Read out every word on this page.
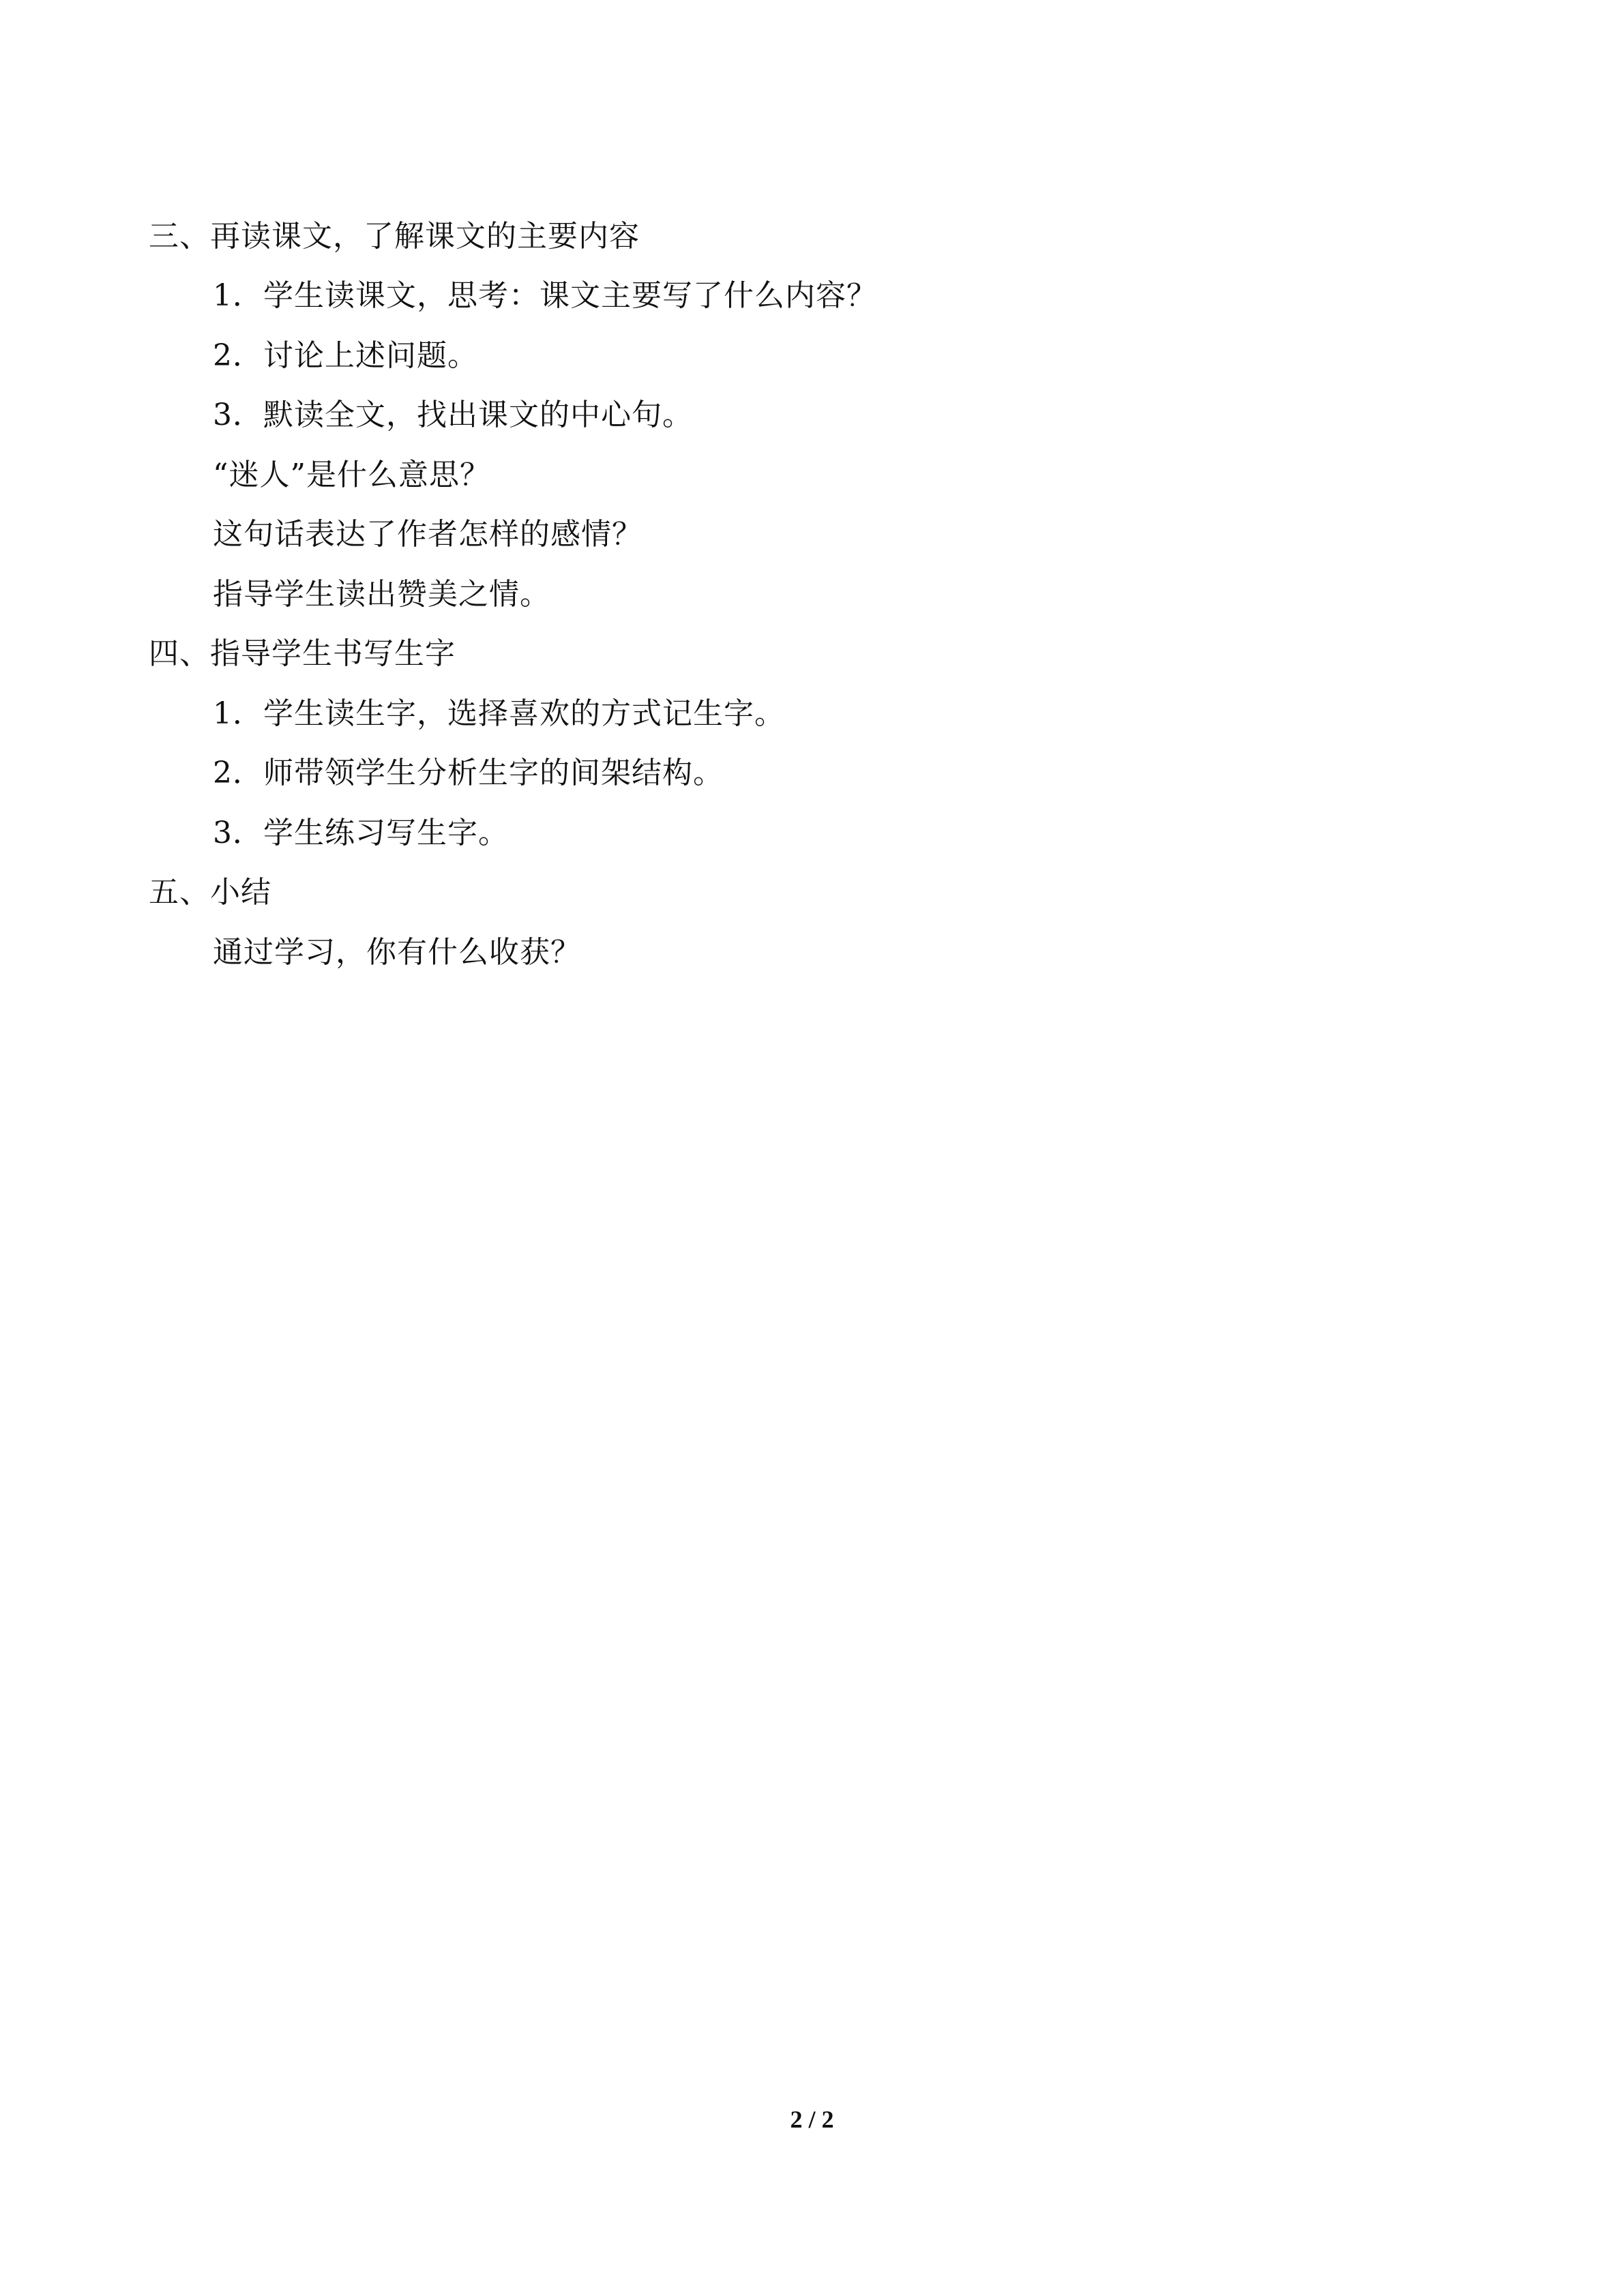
三、再读课文，了解课文的主要内容
1．学生读课文，思考：课文主要写了什么内容？
2．讨论上述问题。
3．默读全文，找出课文的中心句。
“迷人”是什么意思？
这句话表达了作者怎样的感情？
指导学生读出赞美之情。
四、指导学生书写生字
1．学生读生字，选择喜欢的方式记生字。
2．师带领学生分析生字的间架结构。
3．学生练习写生字。
五、小结
通过学习，你有什么收获？
2 / 2
